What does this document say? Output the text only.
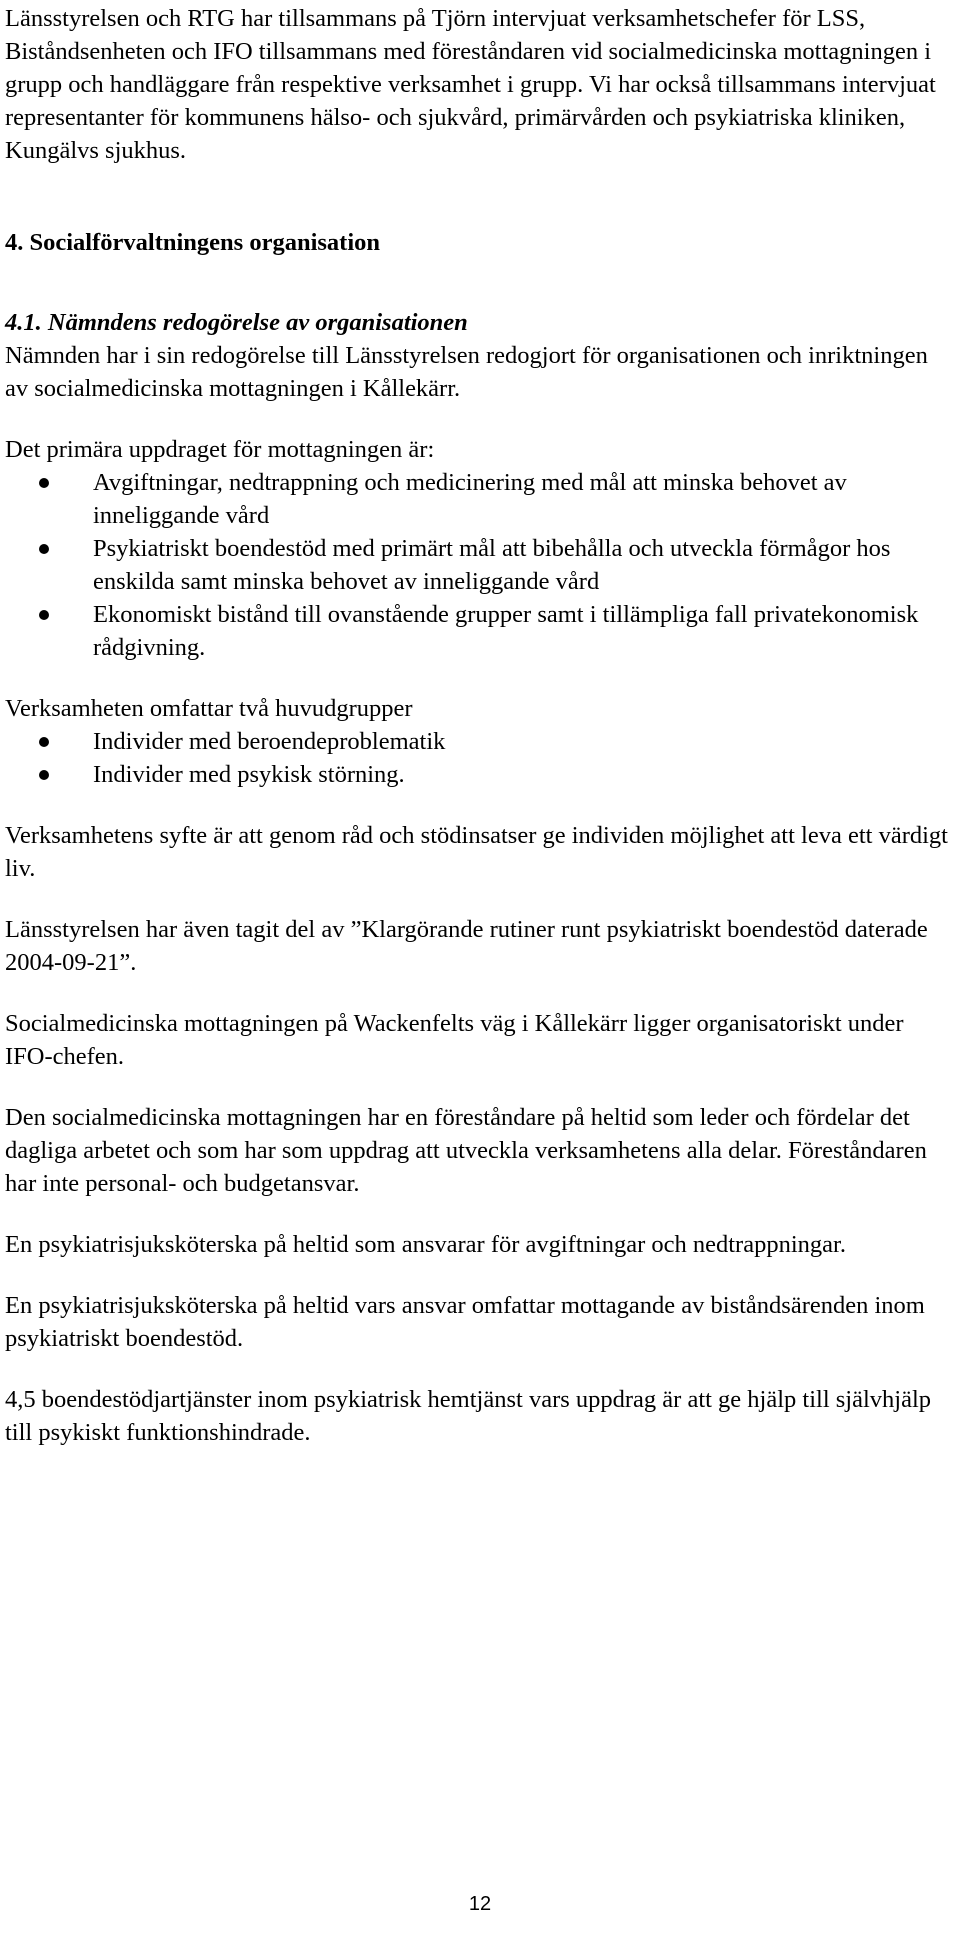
Länsstyrelsen och RTG har tillsammans på Tjörn intervjuat verksamhetschefer för LSS, Biståndsenheten och IFO tillsammans med föreståndaren vid socialmedicinska mottagningen i grupp och handläggare från respektive verksamhet i grupp. Vi har också tillsammans intervjuat representanter för kommunens hälso- och sjukvård, primärvården och psykiatriska kliniken, Kungälvs sjukhus.

4. Socialförvaltningens organisation

4.1. Nämndens redogörelse av organisationen

Nämnden har i sin redogörelse till Länsstyrelsen redogjort för organisationen och inriktningen av socialmedicinska mottagningen i Kållekärr.

Det primära uppdraget för mottagningen är:

Avgiftningar, nedtrappning och medicinering med mål att minska behovet av inneliggande vård
Psykiatriskt boendestöd med primärt mål att bibehålla och utveckla förmågor hos enskilda samt minska behovet av inneliggande vård
Ekonomiskt bistånd till ovanstående grupper samt i tillämpliga fall privatekonomisk rådgivning.

Verksamheten omfattar två huvudgrupper

Individer med beroendeproblematik
Individer med psykisk störning.

Verksamhetens syfte är att genom råd och stödinsatser ge individen möjlighet att leva ett värdigt liv.

Länsstyrelsen har även tagit del av ”Klargörande rutiner runt psykiatriskt boendestöd daterade 2004-09-21”.

Socialmedicinska mottagningen på Wackenfelts väg i Kållekärr ligger organisatoriskt under IFO-chefen.

Den socialmedicinska mottagningen har en föreståndare på heltid som leder och fördelar det dagliga arbetet och som har som uppdrag att utveckla verksamhetens alla delar. Föreståndaren har inte personal- och budgetansvar.

En psykiatrisjuksköterska på heltid som ansvarar för avgiftningar och nedtrappningar.

En psykiatrisjuksköterska på heltid vars ansvar omfattar mottagande av biståndsärenden inom psykiatriskt boendestöd.

4,5 boendestödjartjänster inom psykiatrisk hemtjänst vars uppdrag är att ge hjälp till självhjälp till psykiskt funktionshindrade.

12
